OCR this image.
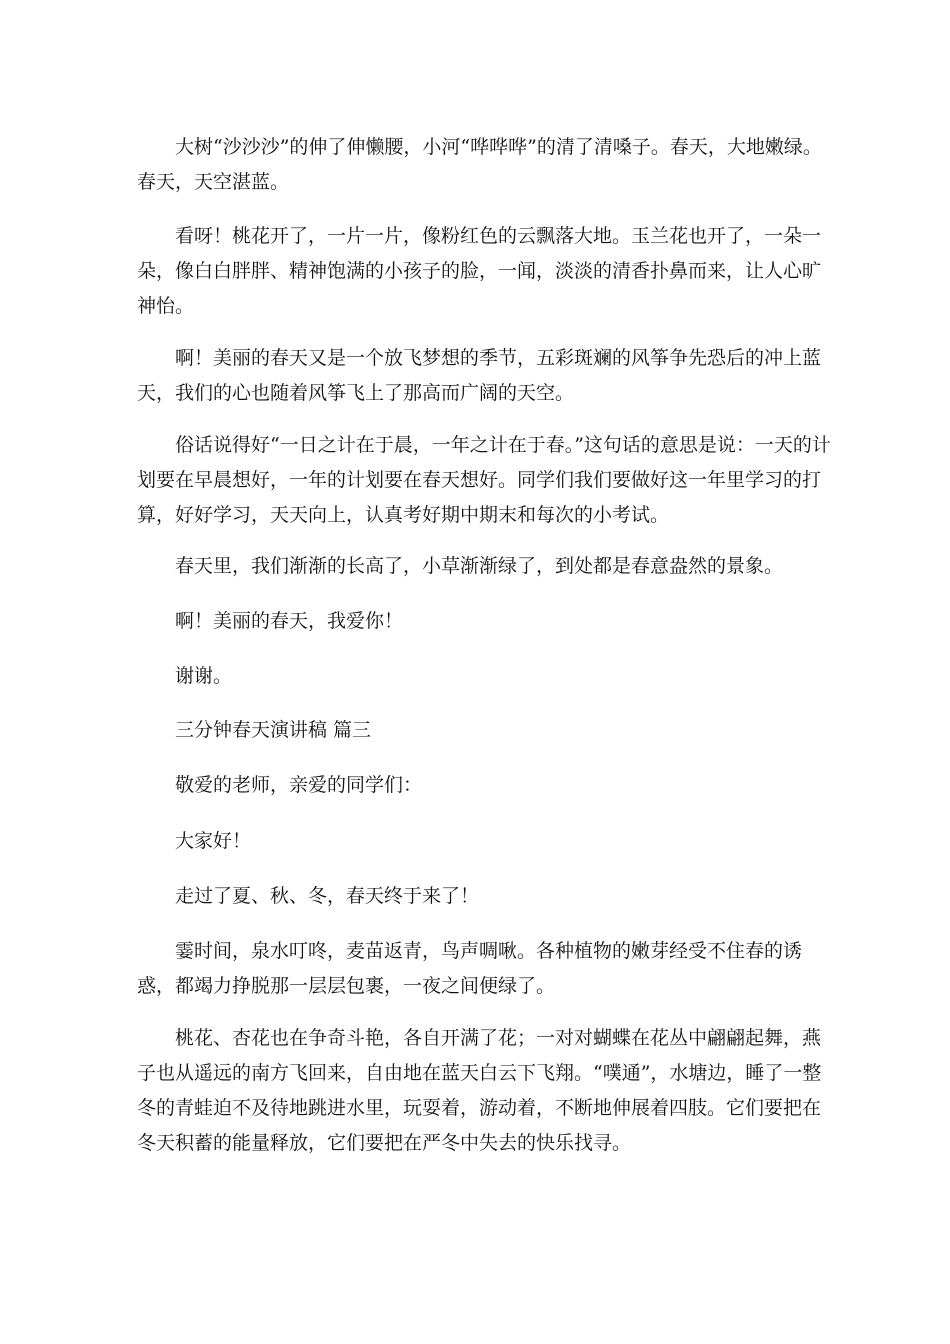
大树“沙沙沙”的伸了伸懒腰，小河“哗哗哗”的清了清嗓子。春天，大地嫩绿。春天，天空湛蓝。

看呀！桃花开了，一片一片，像粉红色的云飘落大地。玉兰花也开了，一朵一朵，像白白胖胖、精神饱满的小孩子的脸，一闻，淡淡的清香扑鼻而来，让人心旷神怡。

啊！美丽的春天又是一个放飞梦想的季节，五彩斑斓的风筝争先恐后的冲上蓝天，我们的心也随着风筝飞上了那高而广阔的天空。

俗话说得好“一日之计在于晨，一年之计在于春。”这句话的意思是说：一天的计划要在早晨想好，一年的计划要在春天想好。同学们我们要做好这一年里学习的打算，好好学习，天天向上，认真考好期中期末和每次的小考试。

春天里，我们渐渐的长高了，小草渐渐绿了，到处都是春意盎然的景象。

啊！美丽的春天，我爱你！

谢谢。

三分钟春天演讲稿 篇三

敬爱的老师，亲爱的同学们：

大家好！

走过了夏、秋、冬，春天终于来了！

霎时间，泉水叮咚，麦苗返青，鸟声啁啾。各种植物的嫩芽经受不住春的诱惑，都竭力挣脱那一层层包裹，一夜之间便绿了。

桃花、杏花也在争奇斗艳，各自开满了花；一对对蝴蝶在花丛中翩翩起舞，燕子也从遥远的南方飞回来，自由地在蓝天白云下飞翔。“噗通”，水塘边，睡了一整冬的青蛙迫不及待地跳进水里，玩耍着，游动着，不断地伸展着四肢。它们要把在冬天积蓄的能量释放，它们要把在严冬中失去的快乐找寻。
